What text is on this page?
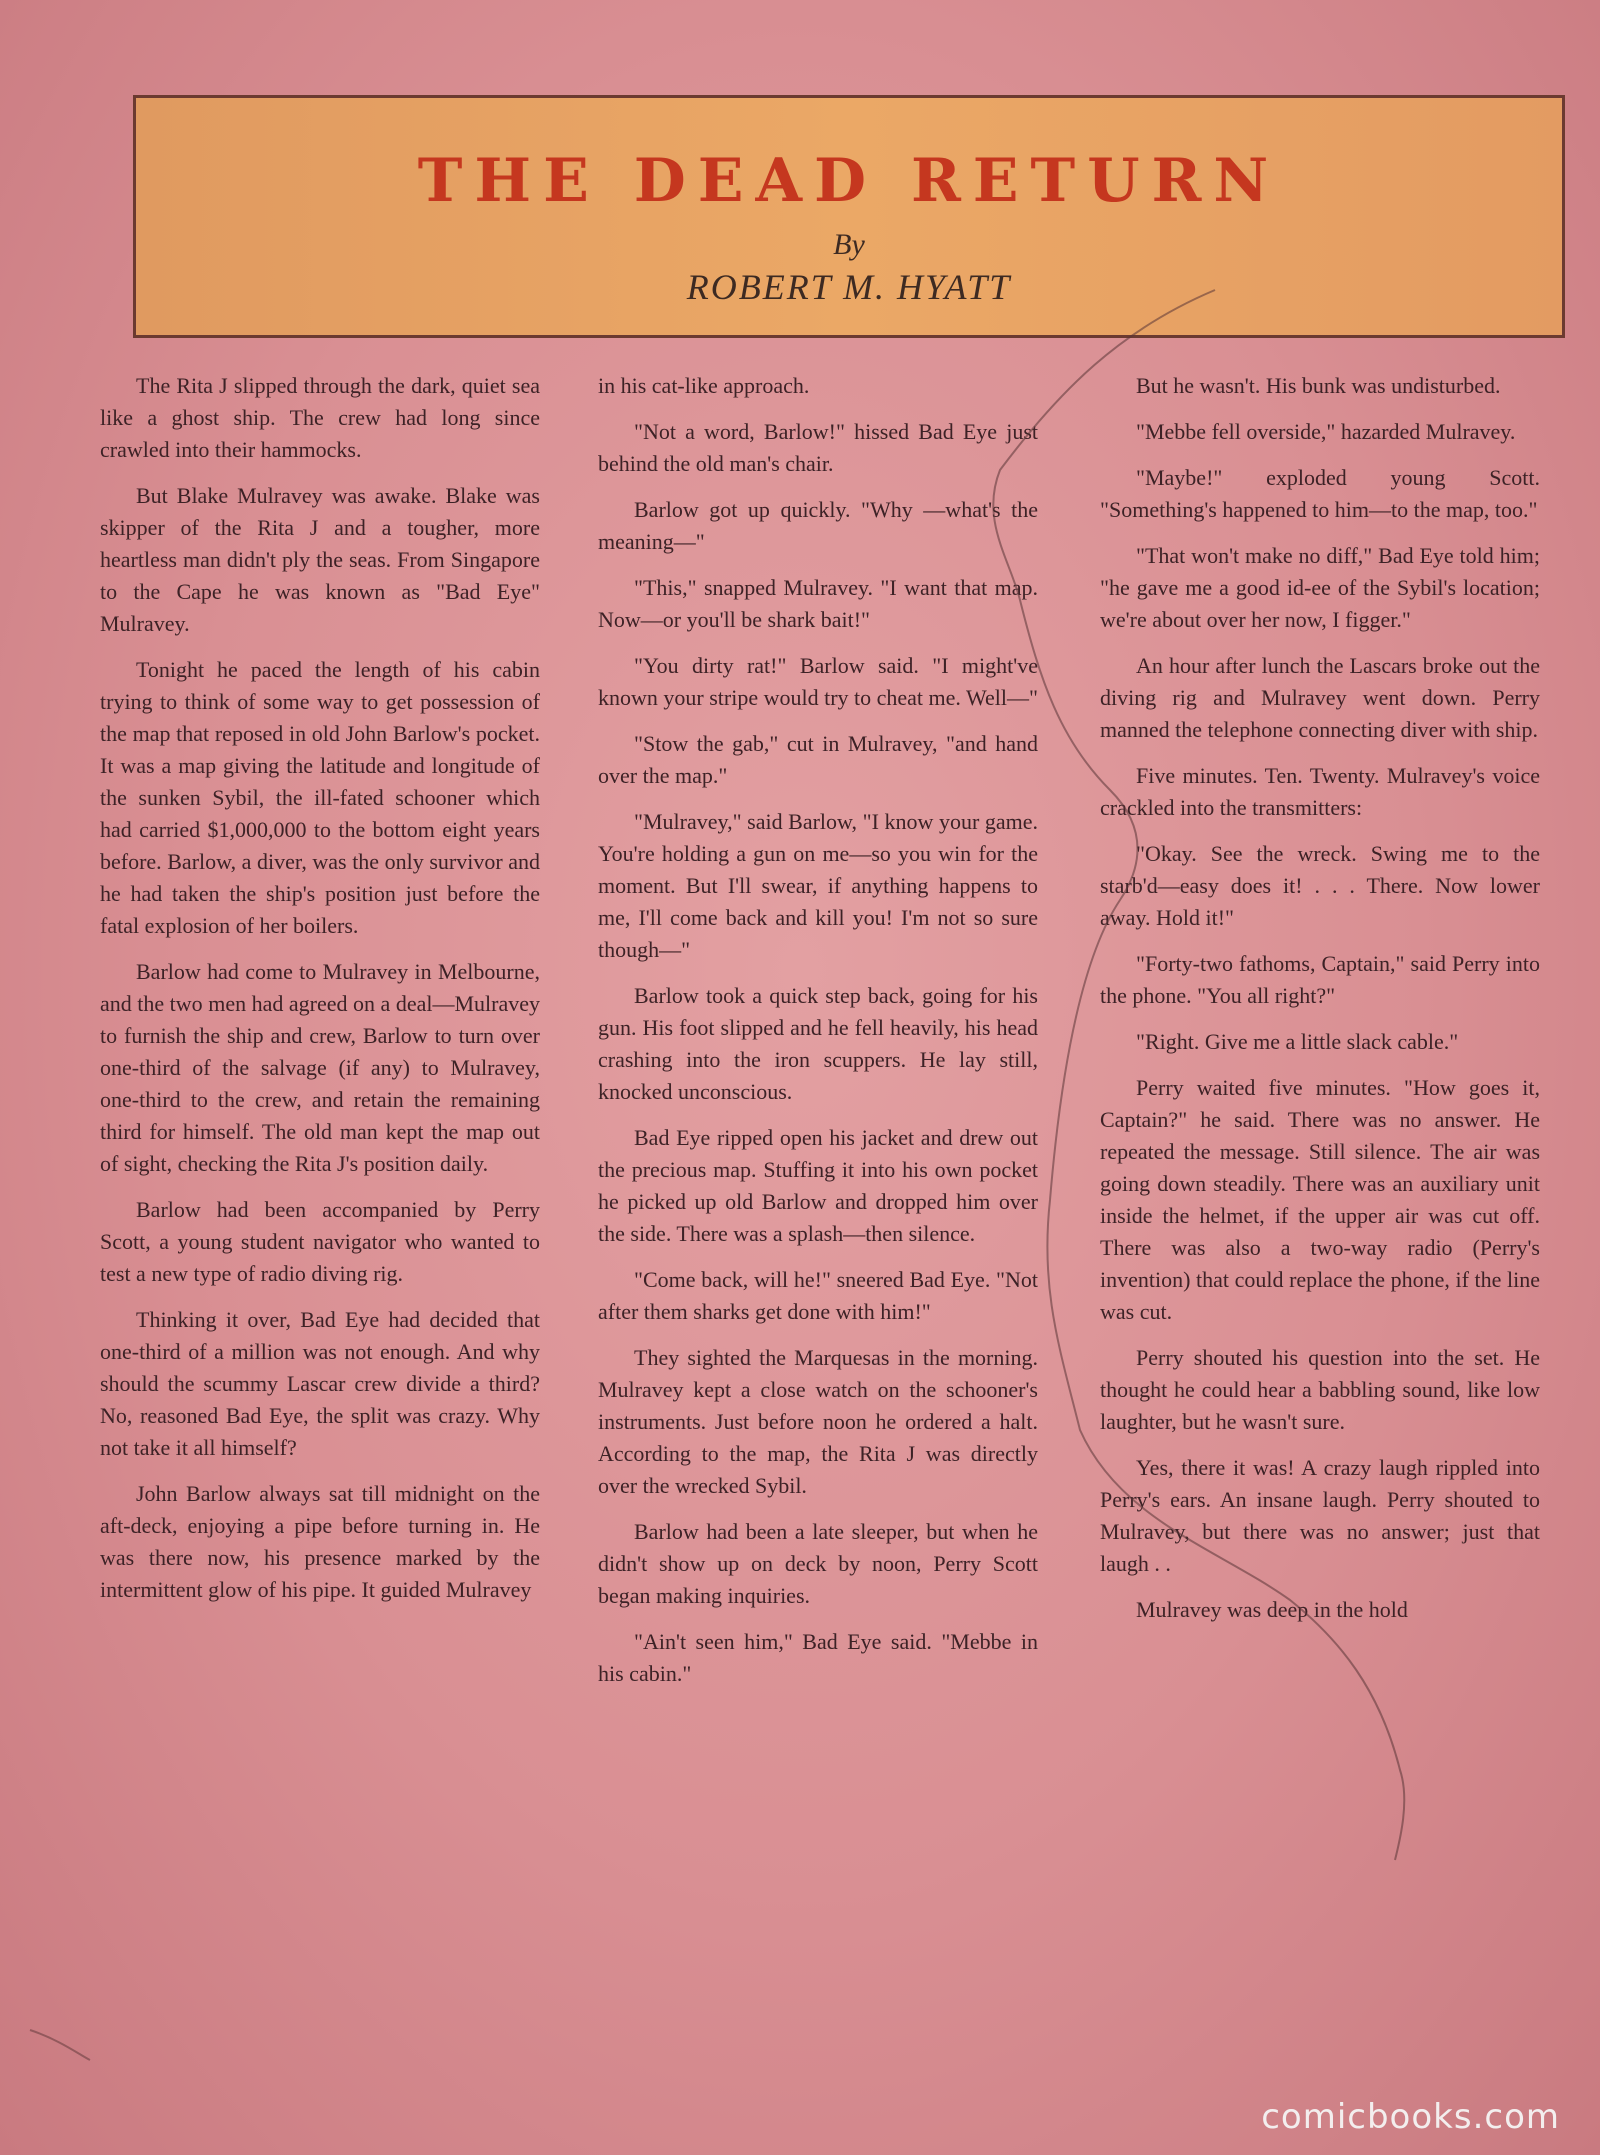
THE DEAD RETURN
By
ROBERT M. HYATT

The Rita J slipped through the dark, quiet sea like a ghost ship. The crew had long since crawled into their hammocks.

But Blake Mulravey was awake. Blake was skipper of the Rita J and a tougher, more heartless man didn't ply the seas. From Singapore to the Cape he was known as "Bad Eye" Mulravey.

Tonight he paced the length of his cabin trying to think of some way to get possession of the map that reposed in old John Barlow's pocket. It was a map giving the latitude and longitude of the sunken Sybil, the ill-fated schooner which had carried $1,000,000 to the bottom eight years before. Barlow, a diver, was the only survivor and he had taken the ship's position just before the fatal explosion of her boilers.

Barlow had come to Mulravey in Melbourne, and the two men had agreed on a deal—Mulravey to furnish the ship and crew, Barlow to turn over one-third of the salvage (if any) to Mulravey, one-third to the crew, and retain the remaining third for himself. The old man kept the map out of sight, checking the Rita J's position daily.

Barlow had been accompanied by Perry Scott, a young student navigator who wanted to test a new type of radio diving rig.

Thinking it over, Bad Eye had decided that one-third of a million was not enough. And why should the scummy Lascar crew divide a third? No, reasoned Bad Eye, the split was crazy. Why not take it all himself?

John Barlow always sat till midnight on the aft-deck, enjoying a pipe before turning in. He was there now, his presence marked by the intermittent glow of his pipe. It guided Mulravey

in his cat-like approach.

"Not a word, Barlow!" hissed Bad Eye just behind the old man's chair.

Barlow got up quickly. "Why —what's the meaning—"

"This," snapped Mulravey. "I want that map. Now—or you'll be shark bait!"

"You dirty rat!" Barlow said. "I might've known your stripe would try to cheat me. Well—"

"Stow the gab," cut in Mulravey, "and hand over the map."

"Mulravey," said Barlow, "I know your game. You're holding a gun on me—so you win for the moment. But I'll swear, if anything happens to me, I'll come back and kill you! I'm not so sure though—"

Barlow took a quick step back, going for his gun. His foot slipped and he fell heavily, his head crashing into the iron scuppers. He lay still, knocked unconscious.

Bad Eye ripped open his jacket and drew out the precious map. Stuffing it into his own pocket he picked up old Barlow and dropped him over the side. There was a splash—then silence.

"Come back, will he!" sneered Bad Eye. "Not after them sharks get done with him!"

They sighted the Marquesas in the morning. Mulravey kept a close watch on the schooner's instruments. Just before noon he ordered a halt. According to the map, the Rita J was directly over the wrecked Sybil.

Barlow had been a late sleeper, but when he didn't show up on deck by noon, Perry Scott began making inquiries.

"Ain't seen him," Bad Eye said. "Mebbe in his cabin."

But he wasn't. His bunk was undisturbed.

"Mebbe fell overside," hazarded Mulravey.

"Maybe!" exploded young Scott. "Something's happened to him—to the map, too."

"That won't make no diff," Bad Eye told him; "he gave me a good id-ee of the Sybil's location; we're about over her now, I figger."

An hour after lunch the Lascars broke out the diving rig and Mulravey went down. Perry manned the telephone connecting diver with ship.

Five minutes. Ten. Twenty. Mulravey's voice crackled into the transmitters:

"Okay. See the wreck. Swing me to the starb'd—easy does it! . . . There. Now lower away. Hold it!"

"Forty-two fathoms, Captain," said Perry into the phone. "You all right?"

"Right. Give me a little slack cable."

Perry waited five minutes. "How goes it, Captain?" he said. There was no answer. He repeated the message. Still silence. The air was going down steadily. There was an auxiliary unit inside the helmet, if the upper air was cut off. There was also a two-way radio (Perry's invention) that could replace the phone, if the line was cut.

Perry shouted his question into the set. He thought he could hear a babbling sound, like low laughter, but he wasn't sure.

Yes, there it was! A crazy laugh rippled into Perry's ears. An insane laugh. Perry shouted to Mulravey, but there was no answer; just that laugh . .

Mulravey was deep in the hold

comicbooks.com
